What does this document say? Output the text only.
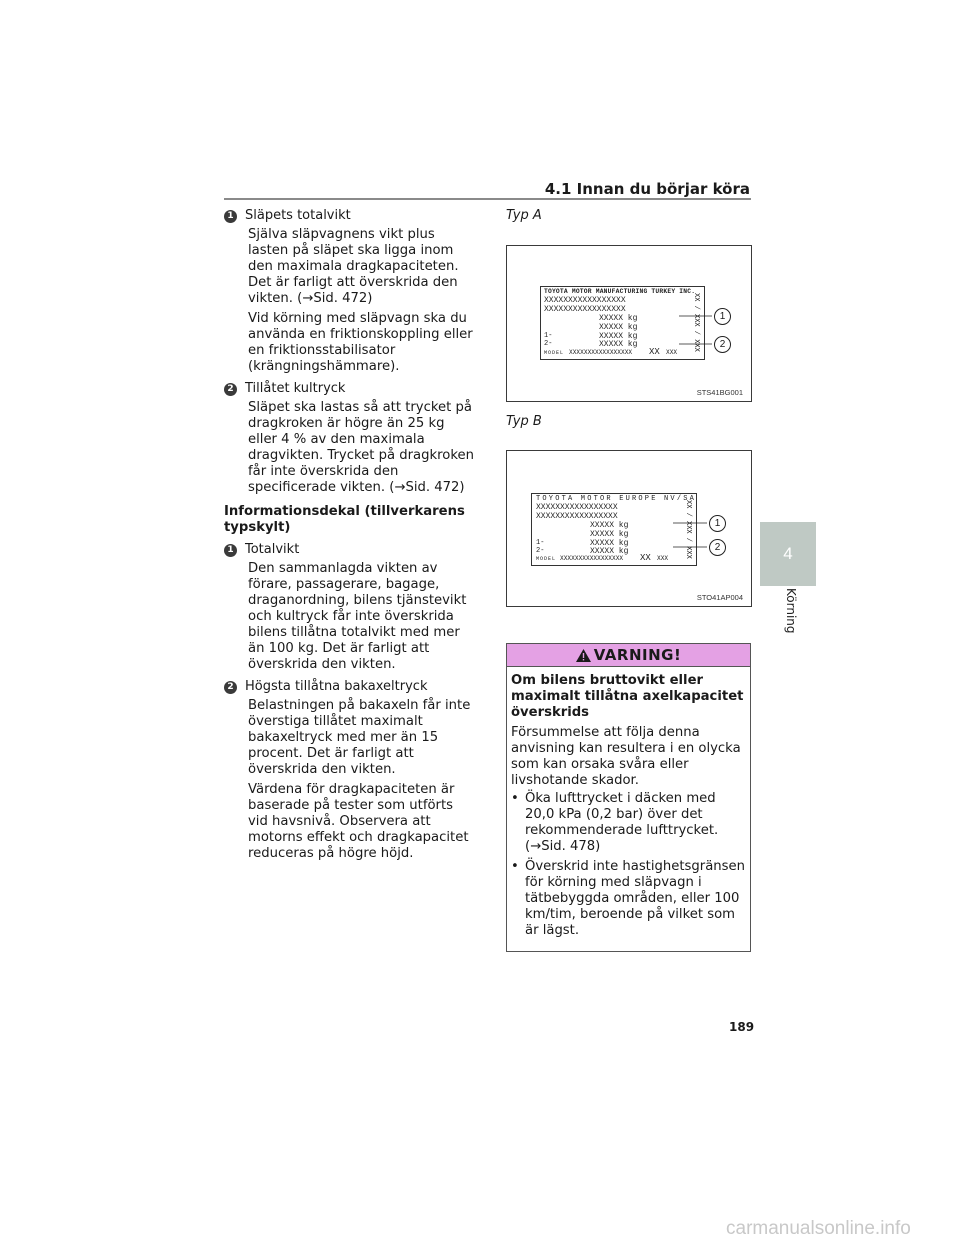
4.1 Innan du börjar köra
1 Släpets totalvikt

Själva släpvagnens vikt plus lasten på släpet ska ligga inom den maximala dragkapaciteten. Det är farligt att överskrida den vikten. (→Sid. 472)

Vid körning med släpvagn ska du använda en friktionskoppling eller en friktionsstabilisator (krängningshämmare).

2 Tillåtet kultryck

Släpet ska lastas så att trycket på dragkroken är högre än 25 kg eller 4 % av den maximala dragvikten. Trycket på dragkroken får inte överskrida den specificerade vikten. (→Sid. 472)

Informationsdekal (tillverkarens typskylt)
1 Totalvikt

Den sammanlagda vikten av förare, passagerare, bagage, draganordning, bilens tjänstevikt och kultryck får inte överskrida bilens tillåtna totalvikt med mer än 100 kg. Det är farligt att överskrida den vikten.

2 Högsta tillåtna bakaxeltryck

Belastningen på bakaxeln får inte överstiga tillåtet maximalt bakaxeltryck med mer än 15 procent. Det är farligt att överskrida den vikten.

Värdena för dragkapaciteten är baserade på tester som utförts vid havsnivå. Observera att motorns effekt och dragkapacitet reduceras på högre höjd.

Typ A

TOYOTA MOTOR MANUFACTURING TURKEY INC.
XXXXXXXXXXXXXXXXX
XXXXXXXXXXXXXXXXX
XXXXX kg
XXXXX kg
1-	XXXXX kg
2-	XXXXX kg
MODEL XXXXXXXXXXXXXXXXX XX XXX
XX / XXX / XXX	1
2
STS41BG001

Typ B

TOYOTA MOTOR EUROPE NV/SA
XXXXXXXXXXXXXXXXX
XXXXXXXXXXXXXXXXX
XXXXX kg
XXXXX kg
1-	XXXXX kg
2-	XXXXX kg
MODEL XXXXXXXXXXXXXXXXX XX XXX XX / XXX / XXX	1
2
STO41AP004
VARNING!
Om bilens bruttovikt eller maximalt tillåtna axelkapacitet överskrids
Försummelse att följa denna anvisning kan resultera i en olycka som kan orsaka svåra eller livshotande skador.
• Öka lufttrycket i däcken med 20,0 kPa (0,2 bar) över det rekommenderade lufttrycket. (→Sid. 478)
• Överskrid inte hastighetsgränsen för körning med släpvagn i tätbebyggda områden, eller 100 km/tim, beroende på vilket som är lägst.
4
Körning
189
carmanualsonline.info
